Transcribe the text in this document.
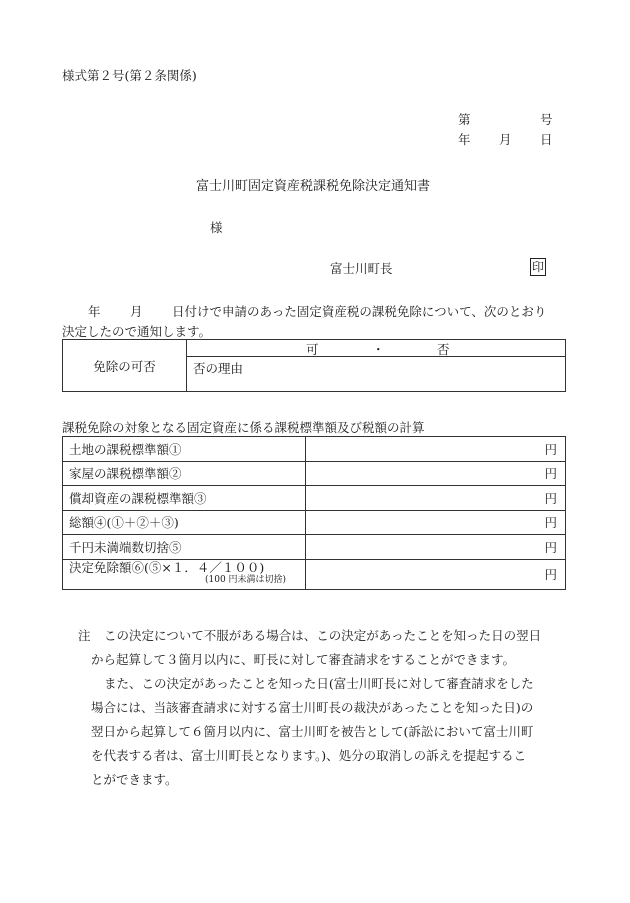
様式第２号(第２条関係)
第	号
年 月 日
富士川町固定資産税課税免除決定通知書
様
富士川町長	印
年 月 日付けで申請のあった固定資産税の課税免除について、次のとおり
決定したので通知します。
免除の可否	
可	・	否

否の理由
課税免除の対象となる固定資産に係る課税標準額及び税額の計算
土地の課税標準額①	円
家屋の課税標準額②	円
償却資産の課税標準額③	円
総額④(①＋②＋③)	円
千円未満端数切捨⑤	円

決定免除額⑥(⑤×１．４／１００)
(100 円未満は切捨)	円
注 この決定について不服がある場合は、この決定があったことを知った日の翌日
から起算して３箇月以内に、町長に対して審査請求をすることができます。
また、この決定があったことを知った日(富士川町長に対して審査請求をした
場合には、当該審査請求に対する富士川町長の裁決があったことを知った日)の
翌日から起算して６箇月以内に、富士川町を被告として(訴訟において富士川町
を代表する者は、富士川町長となります。)、処分の取消しの訴えを提起するこ
とができます。
